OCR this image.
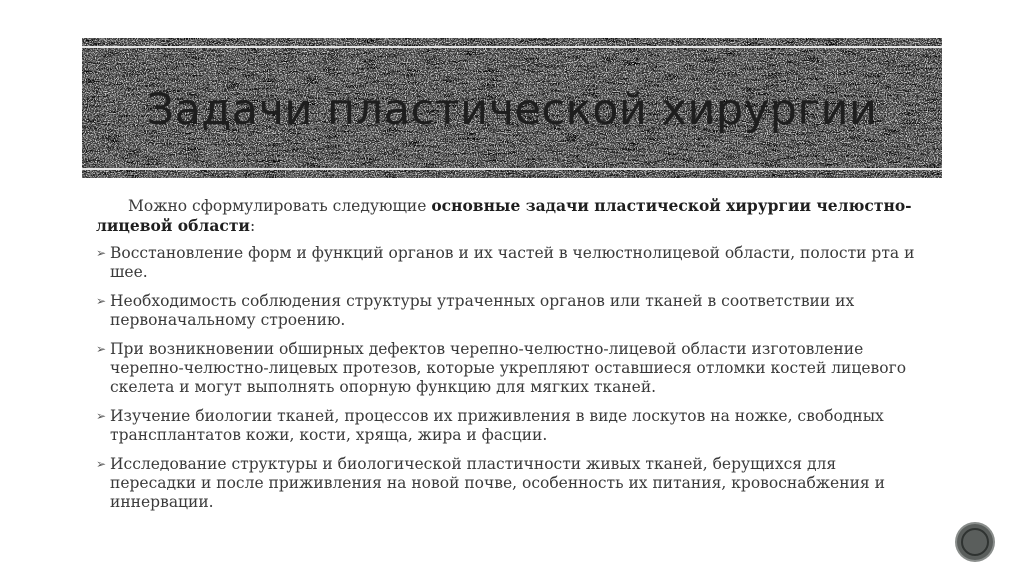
Задачи пластической хирургии

Можно сформулировать следующие основные задачи пластической хирургии челюстно-лицевой области:

➢ Восстановление форм и функций органов и их частей в челюстнолицевой области, полости рта и шее.
➢ Необходимость соблюдения структуры утраченных органов или тканей в соответствии их первоначальному строению.
➢ При возникновении обширных дефектов черепно-челюстно-лицевой области изготовление черепно-челюстно-лицевых протезов, которые укрепляют оставшиеся отломки костей лицевого скелета и могут выполнять опорную функцию для мягких тканей.
➢ Изучение биологии тканей, процессов их приживления в виде лоскутов на ножке, свободных трансплантатов кожи, кости, хряща, жира и фасции.
➢ Исследование структуры и биологической пластичности живых тканей, берущихся для пересадки и после приживления на новой почве, особенность их питания, кровоснабжения и иннервации.
